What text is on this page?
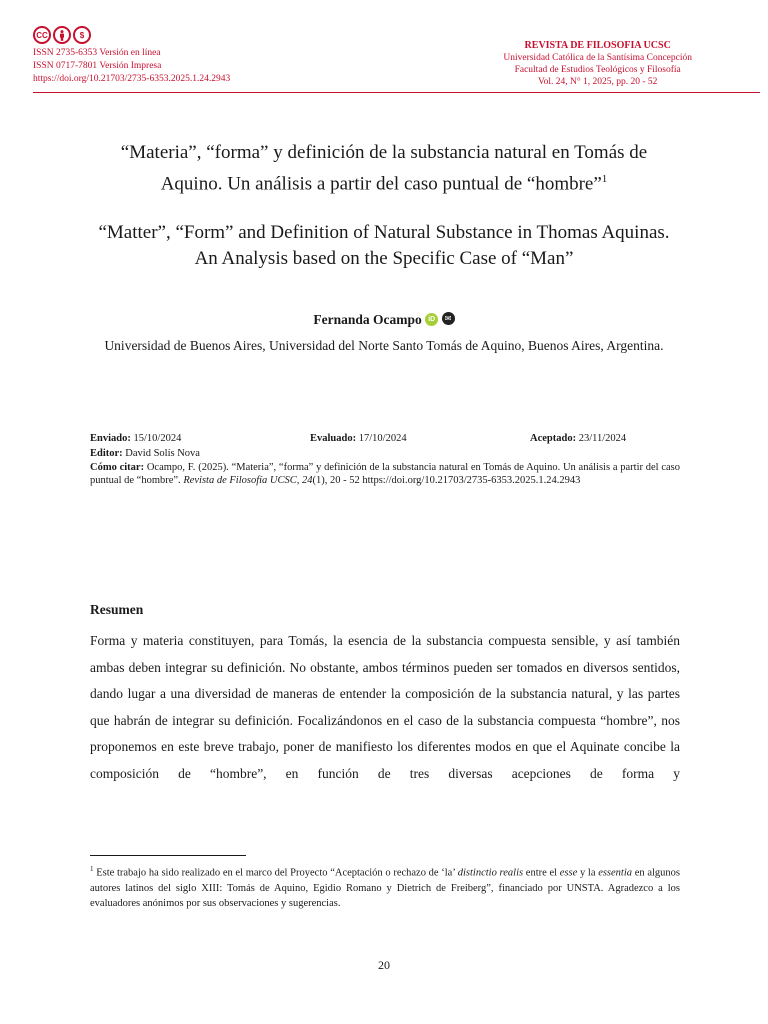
CC	$
ISSN 2735-6353 Versión en línea
ISSN 0717-7801 Versión Impresa
https://doi.org/10.21703/2735-6353.2025.1.24.2943
REVISTA DE FILOSOFIA UCSC
Universidad Católica de la Santísima Concepción
Facultad de Estudios Teológicos y Filosofía
Vol. 24, N° 1, 2025, pp. 20 - 52
“Materia”, “forma” y definición de la substancia natural en Tomás de Aquino. Un análisis a partir del caso puntual de “hombre”$^1$
“Matter”, “Form” and Definition of Natural Substance in Thomas Aquinas. An Analysis based on the Specific Case of “Man”
Fernanda Ocampo iD ✉
Universidad de Buenos Aires, Universidad del Norte Santo Tomás de Aquino, Buenos Aires, Argentina.
Enviado: 15/10/2024	Evaluado: 17/10/2024	Aceptado: 23/11/2024
Editor: David Solís Nova
Cómo citar: Ocampo, F. (2025). “Materia”, “forma” y definición de la substancia natural en Tomás de Aquino. Un análisis a partir del caso puntual de “hombre”. Revista de Filosofía UCSC, 24(1), 20 - 52 https://doi.org/10.21703/2735-6353.2025.1.24.2943
Resumen
Forma y materia constituyen, para Tomás, la esencia de la substancia compuesta sensible, y así también ambas deben integrar su definición. No obstante, ambos términos pueden ser tomados en diversos sentidos, dando lugar a una diversidad de maneras de entender la composición de la substancia natural, y las partes que habrán de integrar su definición. Focalizándonos en el caso de la substancia compuesta “hombre”, nos proponemos en este breve trabajo, poner de manifiesto los diferentes modos en que el Aquinate concibe la composición de “hombre”, en función de tres diversas acepciones de forma y
$^1$ Este trabajo ha sido realizado en el marco del Proyecto “Aceptación o rechazo de ‘la’ distinctio realis entre el esse y la essentia en algunos autores latinos del siglo XIII: Tomás de Aquino, Egidio Romano y Dietrich de Freiberg”, financiado por UNSTA. Agradezco a los evaluadores anónimos por sus observaciones y sugerencias.
20
